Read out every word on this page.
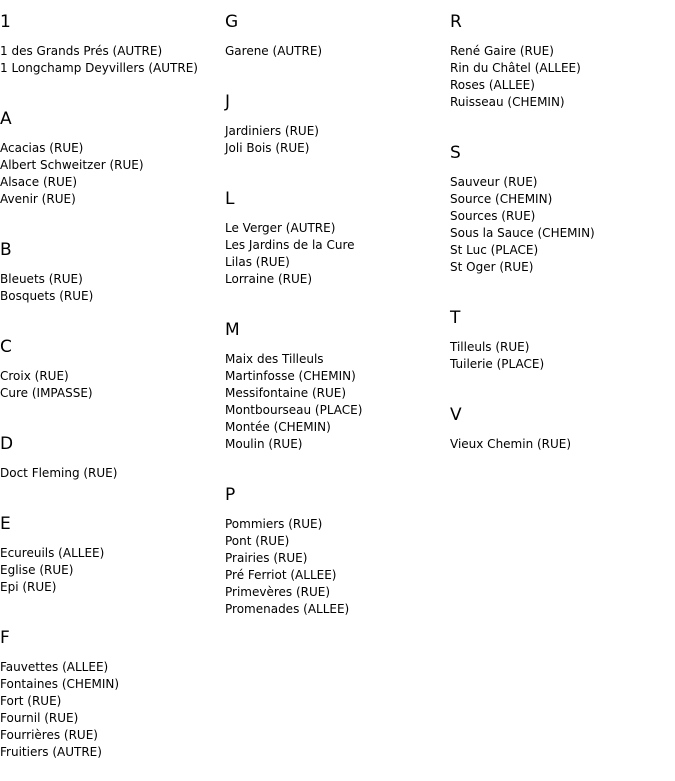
1
1 des Grands Prés (AUTRE)
1 Longchamp Deyvillers (AUTRE)
A
Acacias (RUE)
Albert Schweitzer (RUE)
Alsace (RUE)
Avenir (RUE)
B
Bleuets (RUE)
Bosquets (RUE)
C
Croix (RUE)
Cure (IMPASSE)
D
Doct Fleming (RUE)
E
Ecureuils (ALLEE)
Eglise (RUE)
Epi (RUE)
F
Fauvettes (ALLEE)
Fontaines (CHEMIN)
Fort (RUE)
Fournil (RUE)
Fourrières (RUE)
Fruitiers (AUTRE)
G
Garene (AUTRE)
J
Jardiniers (RUE)
Joli Bois (RUE)
L
Le Verger (AUTRE)
Les Jardins de la Cure
Lilas (RUE)
Lorraine (RUE)
M
Maix des Tilleuls
Martinfosse (CHEMIN)
Messifontaine (RUE)
Montbourseau (PLACE)
Montée (CHEMIN)
Moulin (RUE)
P
Pommiers (RUE)
Pont (RUE)
Prairies (RUE)
Pré Ferriot (ALLEE)
Primevères (RUE)
Promenades (ALLEE)
R
René Gaire (RUE)
Rin du Châtel (ALLEE)
Roses (ALLEE)
Ruisseau (CHEMIN)
S
Sauveur (RUE)
Source (CHEMIN)
Sources (RUE)
Sous la Sauce (CHEMIN)
St Luc (PLACE)
St Oger (RUE)
T
Tilleuls (RUE)
Tuilerie (PLACE)
V
Vieux Chemin (RUE)
